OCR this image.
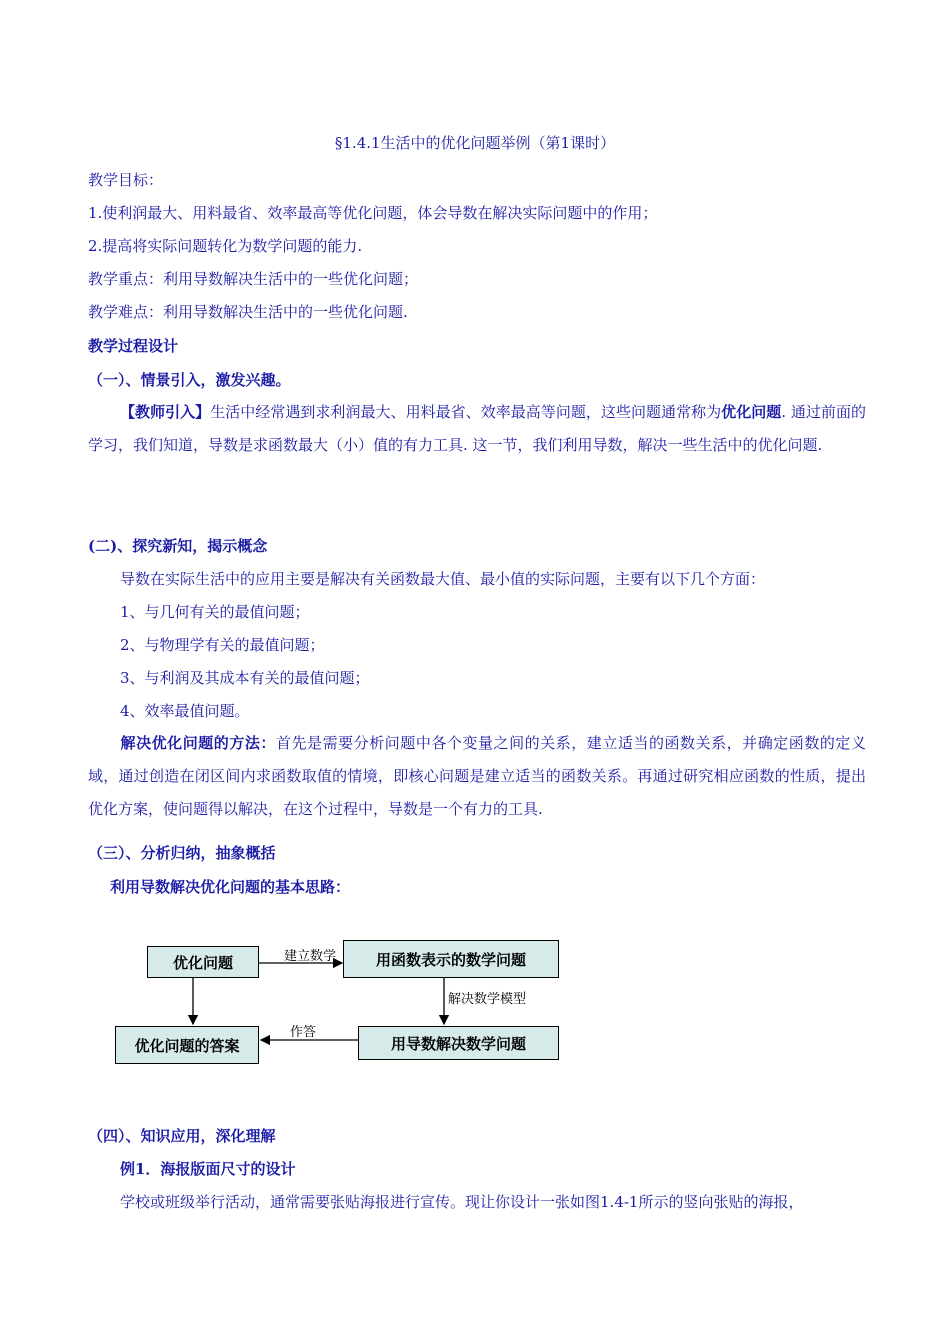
§1.4.1生活中的优化问题举例（第1课时）
教学目标：
1.使利润最大、用料最省、效率最高等优化问题，体会导数在解决实际问题中的作用；
2.提高将实际问题转化为数学问题的能力.
教学重点：利用导数解决生活中的一些优化问题；
教学难点：利用导数解决生活中的一些优化问题.
教学过程设计
（一）、情景引入，激发兴趣。
【教师引入】生活中经常遇到求利润最大、用料最省、效率最高等问题，这些问题通常称为优化问题. 通过前面的学习，我们知道，导数是求函数最大（小）值的有力工具. 这一节，我们利用导数，解决一些生活中的优化问题.
(二)、探究新知，揭示概念
导数在实际生活中的应用主要是解决有关函数最大值、最小值的实际问题，主要有以下几个方面：
1、与几何有关的最值问题；
2、与物理学有关的最值问题；
3、与利润及其成本有关的最值问题；
4、效率最值问题。
解决优化问题的方法：首先是需要分析问题中各个变量之间的关系，建立适当的函数关系，并确定函数的定义域，通过创造在闭区间内求函数取值的情境，即核心问题是建立适当的函数关系。再通过研究相应函数的性质，提出优化方案，使问题得以解决，在这个过程中，导数是一个有力的工具.
（三）、分析归纳，抽象概括
利用导数解决优化问题的基本思路：
优化问题	用函数表示的数学问题
用导数解决数学问题
优化问题的答案
建立数学
解决数学模型
作答
（四）、知识应用，深化理解
例1．海报版面尺寸的设计
学校或班级举行活动，通常需要张贴海报进行宣传。现让你设计一张如图1.4-1所示的竖向张贴的海报，
